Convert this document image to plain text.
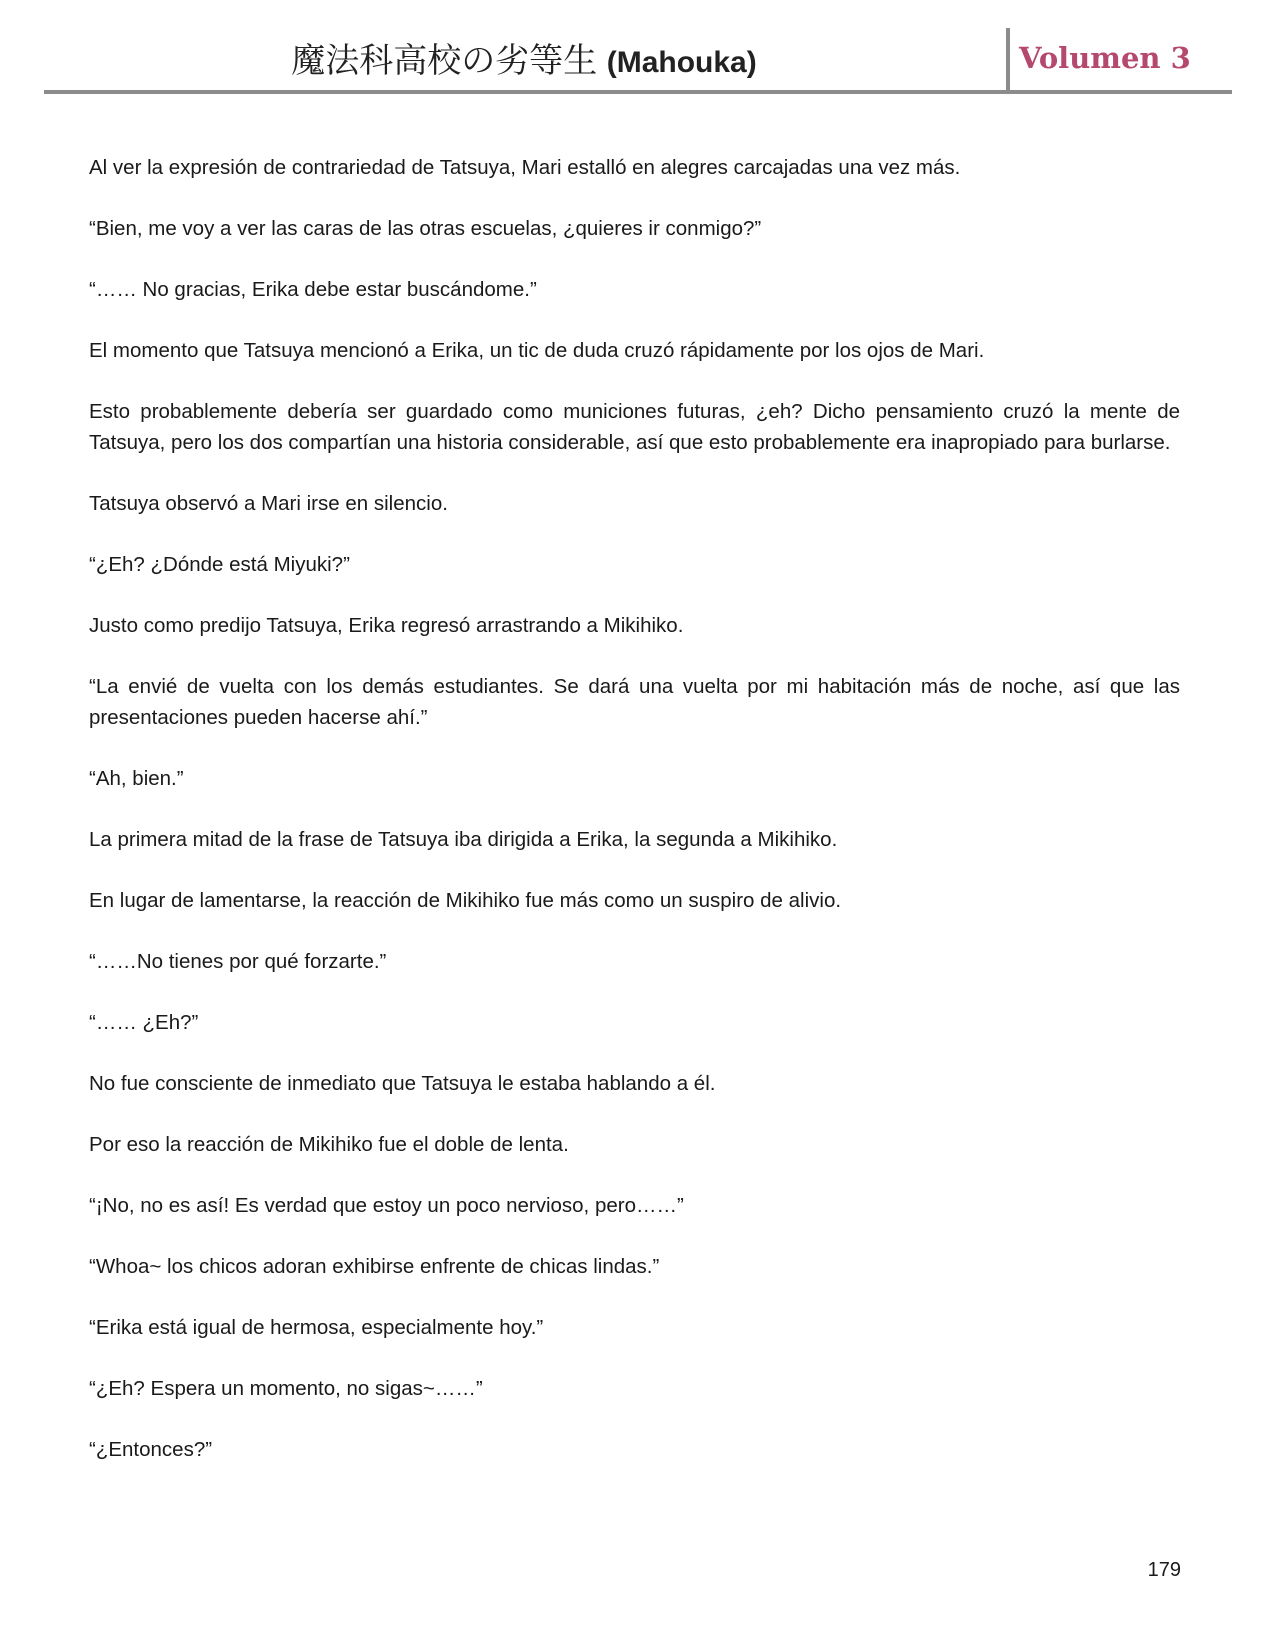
魔法科高校の劣等生 (Mahouka)	Volumen 3

Al ver la expresión de contrariedad de Tatsuya, Mari estalló en alegres carcajadas una vez más.

“Bien, me voy a ver las caras de las otras escuelas, ¿quieres ir conmigo?”

“…… No gracias, Erika debe estar buscándome.”

El momento que Tatsuya mencionó a Erika, un tic de duda cruzó rápidamente por los ojos de Mari.

Esto probablemente debería ser guardado como municiones futuras, ¿eh? Dicho pensamiento cruzó la mente de Tatsuya, pero los dos compartían una historia considerable, así que esto probablemente era inapropiado para burlarse.

Tatsuya observó a Mari irse en silencio.

“¿Eh? ¿Dónde está Miyuki?”

Justo como predijo Tatsuya, Erika regresó arrastrando a Mikihiko.

“La envié de vuelta con los demás estudiantes. Se dará una vuelta por mi habitación más de noche, así que las presentaciones pueden hacerse ahí.”

“Ah, bien.”

La primera mitad de la frase de Tatsuya iba dirigida a Erika, la segunda a Mikihiko.

En lugar de lamentarse, la reacción de Mikihiko fue más como un suspiro de alivio.

“……No tienes por qué forzarte.”

“…… ¿Eh?”

No fue consciente de inmediato que Tatsuya le estaba hablando a él.

Por eso la reacción de Mikihiko fue el doble de lenta.

“¡No, no es así! Es verdad que estoy un poco nervioso, pero……”

“Whoa~ los chicos adoran exhibirse enfrente de chicas lindas.”

“Erika está igual de hermosa, especialmente hoy.”

“¿Eh? Espera un momento, no sigas~……”

“¿Entonces?”

179
